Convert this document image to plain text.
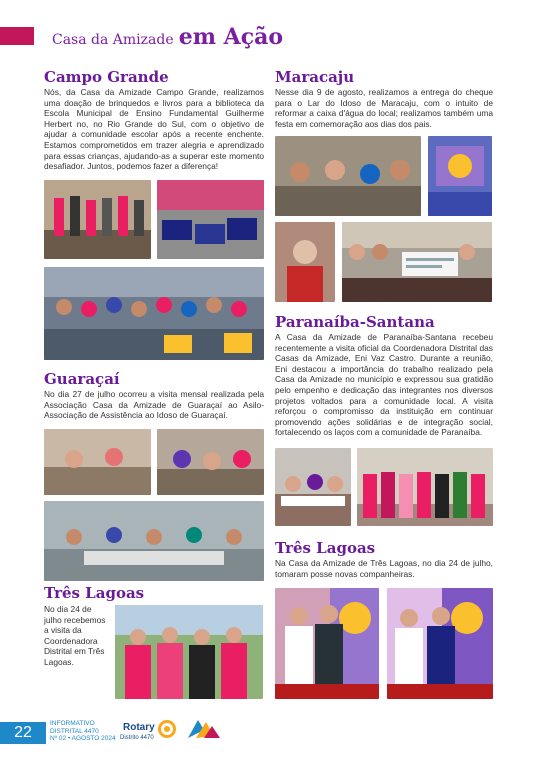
Casa da Amizade em Ação
Campo Grande
Nós, da Casa da Amizade Campo Grande, realizamos uma doação de brinquedos e livros para a biblioteca da Escola Municipal de Ensino Fundamental Guilherme Herbert no, no Rio Grande do Sul, com o objetivo de ajudar a comunidade escolar após a recente enchente. Estamos comprometidos em trazer alegria e aprendizado para essas crianças, ajudando-as a superar este momento desafiador. Juntos, podemos fazer a diferença!
Guaraçaí
No dia 27 de julho ocorreu a visita mensal realizada pela Associação Casa da Amizade de Guaraçaí ao Asilo- Associação de Assistência ao Idoso de Guaraçaí.
Três Lagoas
No dia 24 de julho recebemos a visita da Coordenadora Distrital em Três Lagoas.
Maracaju
Nesse dia 9 de agosto, realizamos a entrega do cheque para o Lar do Idoso de Maracaju, com o intuito de reformar a caixa d'água do local; realizamos também uma festa em comemoração aos dias dos pais.
Paranaíba-Santana
A Casa da Amizade de Paranaíba-Santana recebeu recentemente a visita oficial da Coordenadora Distrital das Casas da Amizade, Eni Vaz Castro. Durante a reunião, Eni destacou a importância do trabalho realizado pela Casa da Amizade no município e expressou sua gratidão pelo empenho e dedicação das integrantes nos diversos projetos voltados para a comunidade local. A visita reforçou o compromisso da instituição em continuar promovendo ações solidárias e de integração social, fortalecendo os laços com a comunidade de Paranaíba.
Três Lagoas
Na Casa da Amizade de Três Lagoas, no dia 24 de julho, tomaram posse novas companheiras.
22
INFORMATIVO
DISTRITAL 4470
Nº 02 • AGOSTO 2024
Rotary
Distrito 4470
